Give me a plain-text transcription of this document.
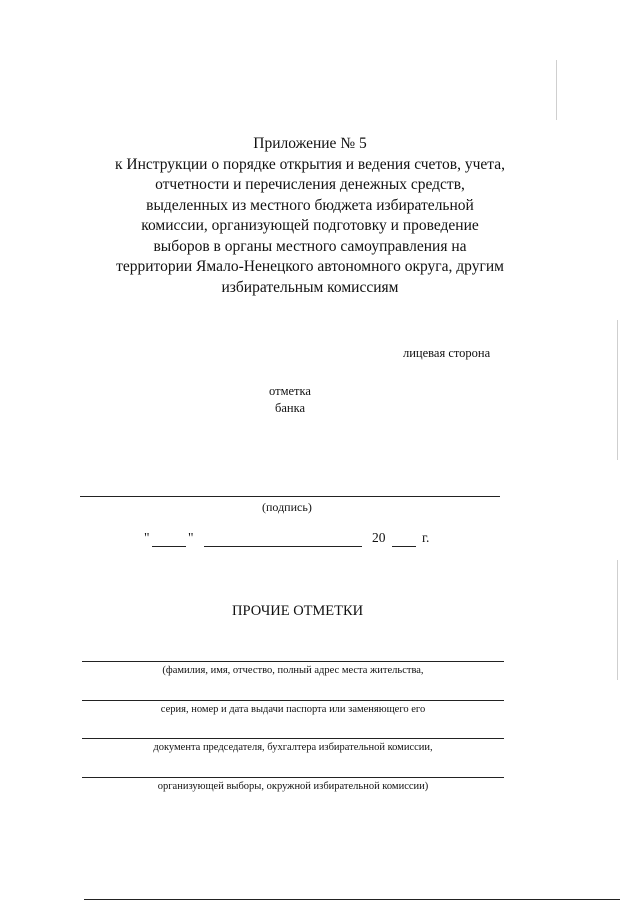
Приложение № 5
к Инструкции о порядке открытия и ведения счетов, учета,
отчетности и перечисления денежных средств,
выделенных из местного бюджета избирательной
комиссии, организующей подготовку и проведение
выборов в органы местного самоуправления на
территории Ямало-Ненецкого автономного округа, другим
избирательным комиссиям
лицевая сторона
отметка
банка
(подпись)
"	"	20	г.
ПРОЧИЕ ОТМЕТКИ
(фамилия, имя, отчество, полный адрес места жительства,
серия, номер и дата выдачи паспорта или заменяющего его
документа председателя, бухгалтера избирательной комиссии,
организующей выборы, окружной избирательной комиссии)
